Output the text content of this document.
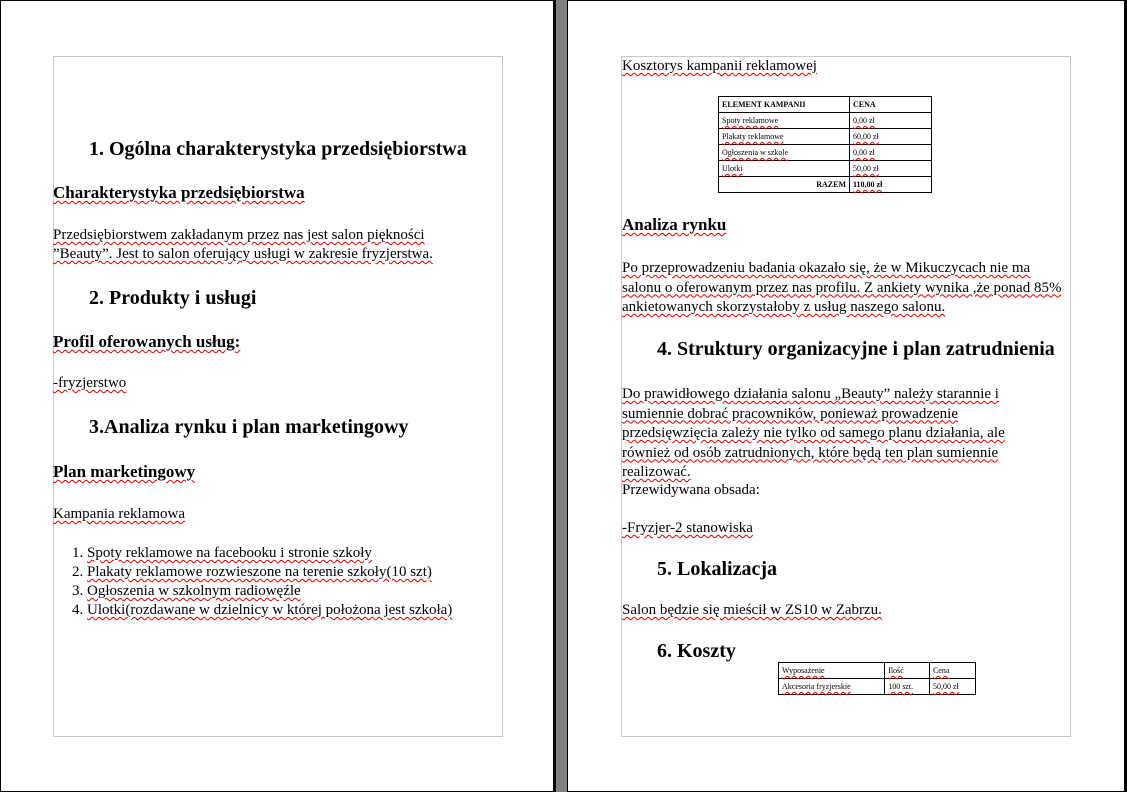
1. Ogólna charakterystyka przedsiębiorstwa
Charakterystyka przedsiębiorstwa
Przedsiębiorstwem zakładanym przez nas jest salon piękności
”Beauty”. Jest to salon oferujący usługi w zakresie fryzjerstwa.
2. Produkty i usługi
Profil oferowanych usług:
-fryzjerstwo
3.Analiza rynku i plan marketingowy
Plan marketingowy
Kampania reklamowa
1. Spoty reklamowe na facebooku i stronie szkoły
2. Plakaty reklamowe rozwieszone na terenie szkoły(10 szt)
3. Ogłoszenia w szkolnym radiowęźle
4. Ulotki(rozdawane w dzielnicy w której położona jest szkoła)
Kosztorys kampanii reklamowej
ELEMENT KAMPANII	CENA
Spoty reklamowe	0,00 zł
Plakaty reklamowe	60,00 zł
Ogłoszenia w szkole	0,00 zł
Ulotki	50,00 zł
RAZEM	110,00 zł
Analiza rynku
Po przeprowadzeniu badania okazało się, że w Mikuczycach nie ma salonu o oferowanym przez nas profilu. Z ankiety wynika ,że ponad 85% ankietowanych skorzystałoby z usług naszego salonu.
4. Struktury organizacyjne i plan zatrudnienia
Do prawidłowego działania salonu „Beauty” należy starannie i sumiennie dobrać pracowników, ponieważ prowadzenie przedsięwzięcia zależy nie tylko od samego planu działania, ale również od osób zatrudnionych, które będą ten plan sumiennie realizować.
Przewidywana obsada:
-Fryzjer-2 stanowiska
5. Lokalizacja
Salon będzie się mieścił w ZS10 w Zabrzu.
6. Koszty
Wyposażenie	Ilość	Cena
Akcesoria fryzjerskie	100 szt.	50,00 zł
